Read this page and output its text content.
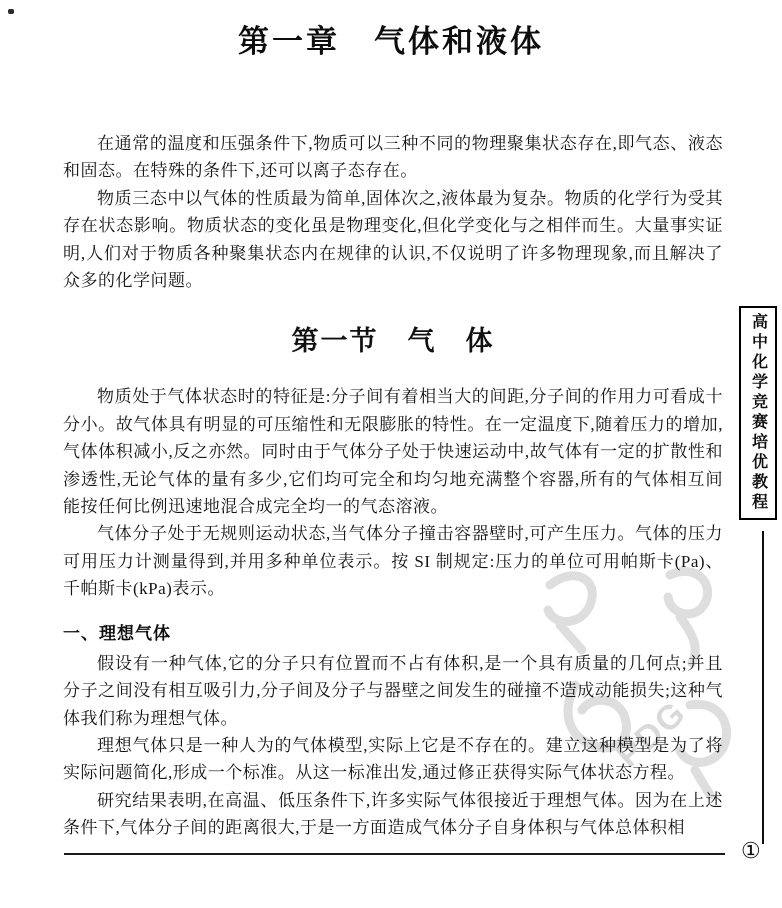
第一章　气体和液体
PDG

在通常的温度和压强条件下,物质可以三种不同的物理聚集状态存在,即气态、液态和固态。在特殊的条件下,还可以离子态存在。

物质三态中以气体的性质最为简单,固体次之,液体最为复杂。物质的化学行为受其存在状态影响。物质状态的变化虽是物理变化,但化学变化与之相伴而生。大量事实证明,人们对于物质各种聚集状态内在规律的认识,不仅说明了许多物理现象,而且解决了众多的化学问题。

第一节　气　体

物质处于气体状态时的特征是:分子间有着相当大的间距,分子间的作用力可看成十分小。故气体具有明显的可压缩性和无限膨胀的特性。在一定温度下,随着压力的增加,气体体积减小,反之亦然。同时由于气体分子处于快速运动中,故气体有一定的扩散性和渗透性,无论气体的量有多少,它们均可完全和均匀地充满整个容器,所有的气体相互间能按任何比例迅速地混合成完全均一的气态溶液。

气体分子处于无规则运动状态,当气体分子撞击容器壁时,可产生压力。气体的压力可用压力计测量得到,并用多种单位表示。按 SI 制规定:压力的单位可用帕斯卡(Pa)、千帕斯卡(kPa)表示。

一、理想气体

假设有一种气体,它的分子只有位置而不占有体积,是一个具有质量的几何点;并且分子之间没有相互吸引力,分子间及分子与器壁之间发生的碰撞不造成动能损失;这种气体我们称为理想气体。

理想气体只是一种人为的气体模型,实际上它是不存在的。建立这种模型是为了将实际问题简化,形成一个标准。从这一标准出发,通过修正获得实际气体状态方程。

研究结果表明,在高温、低压条件下,许多实际气体很接近于理想气体。因为在上述条件下,气体分子间的距离很大,于是一方面造成气体分子自身体积与气体总体积相

高中化学竞赛培优教程
①
